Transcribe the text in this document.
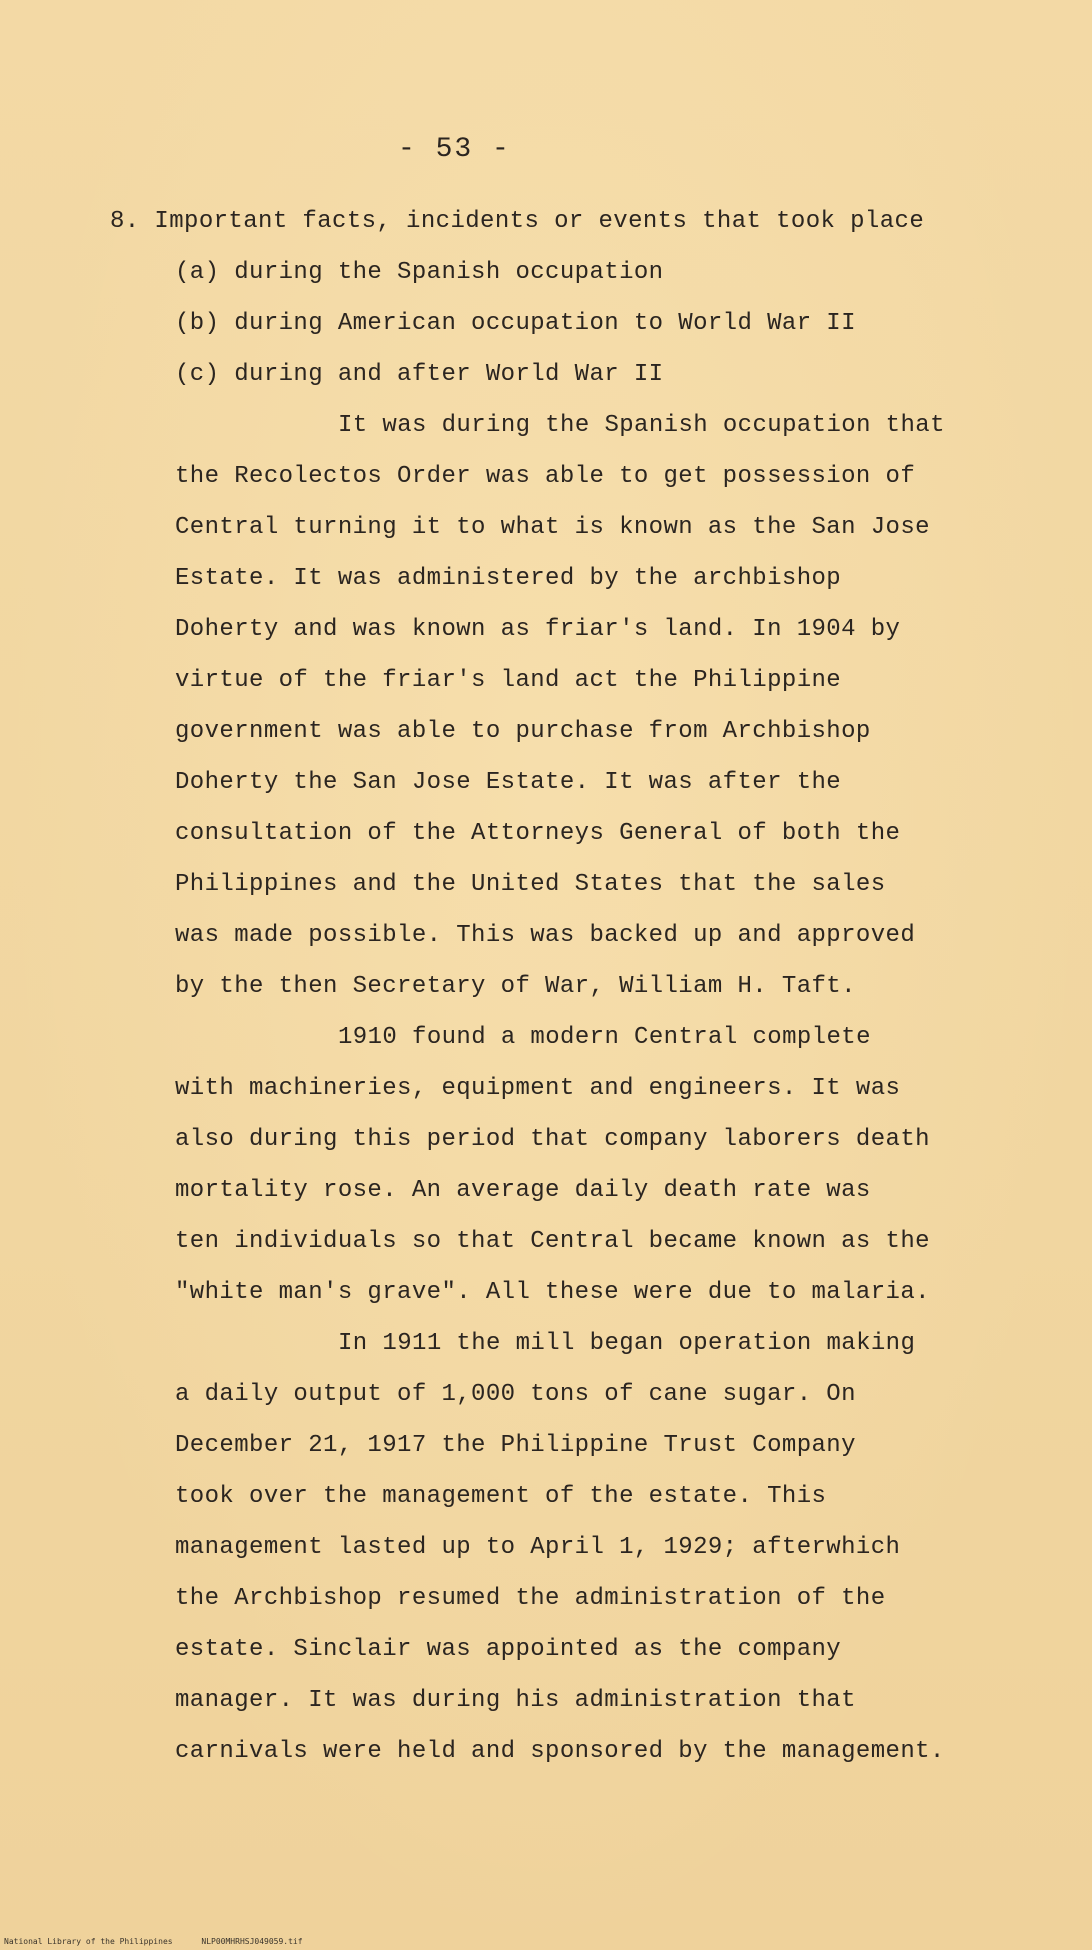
- 53 -
8. Important facts, incidents or events that took place
(a) during the Spanish occupation
(b) during American occupation to World War II
(c) during and after World War II
It was during the Spanish occupation that
the Recolectos Order was able to get possession of
Central turning it to what is known as the San Jose
Estate. It was administered by the archbishop
Doherty and was known as friar's land. In 1904 by
virtue of the friar's land act the Philippine
government was able to purchase from Archbishop
Doherty the San Jose Estate. It was after the
consultation of the Attorneys General of both the
Philippines and the United States that the sales
was made possible. This was backed up and approved
by the then Secretary of War, William H. Taft.
1910 found a modern Central complete
with machineries, equipment and engineers. It was
also during this period that company laborers death
mortality rose. An average daily death rate was
ten individuals so that Central became known as the
"white man's grave". All these were due to malaria.
In 1911 the mill began operation making
a daily output of 1,000 tons of cane sugar. On
December 21, 1917 the Philippine Trust Company
took over the management of the estate. This
management lasted up to April 1, 1929; afterwhich
the Archbishop resumed the administration of the
estate. Sinclair was appointed as the company
manager. It was during his administration that
carnivals were held and sponsored by the management.
National Library of the Philippines	NLP00MHRHSJ049059.tif
